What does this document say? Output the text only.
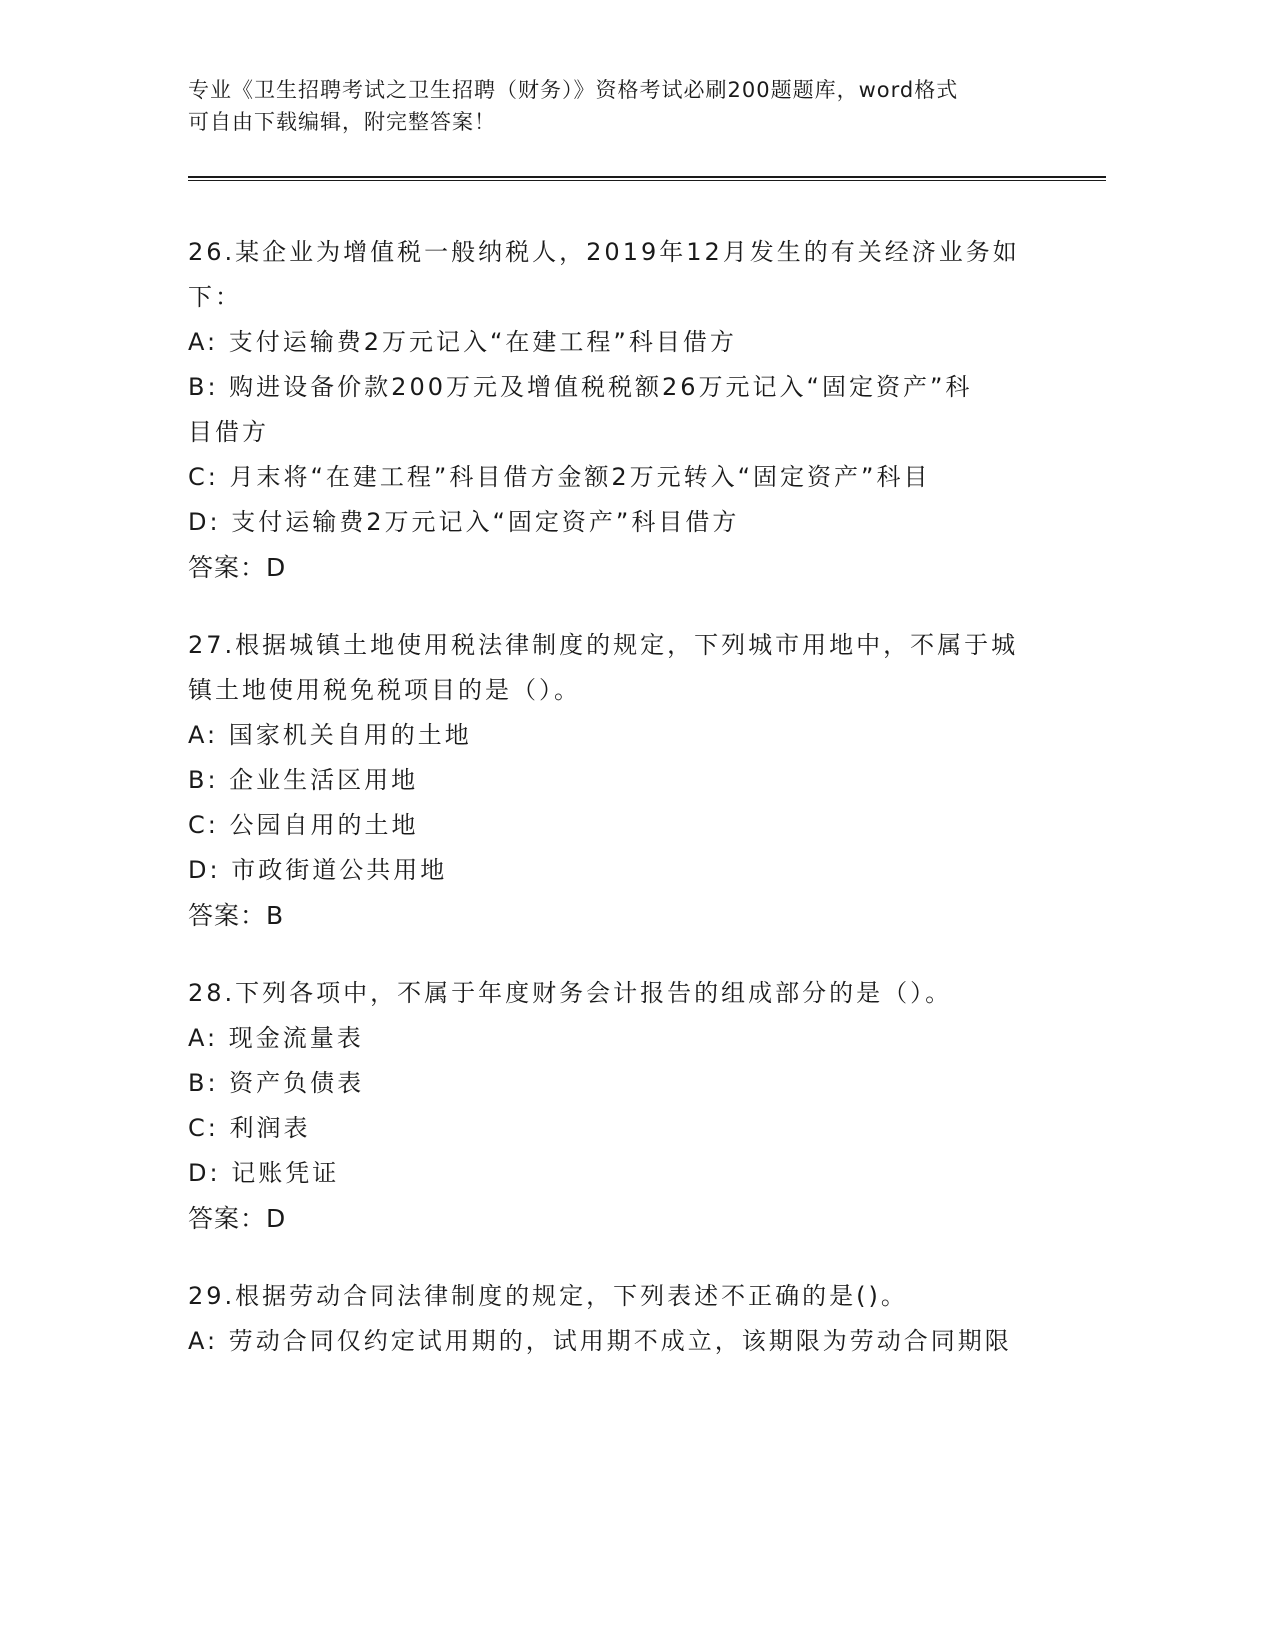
专业《卫生招聘考试之卫生招聘（财务）》资格考试必刷200题题库，word格式
可自由下载编辑，附完整答案！

26.某企业为增值税一般纳税人，2019年12月发生的有关经济业务如

下：

A: 支付运输费2万元记入“在建工程”科目借方

B: 购进设备价款200万元及增值税税额26万元记入“固定资产”科

目借方

C: 月末将“在建工程”科目借方金额2万元转入“固定资产”科目

D: 支付运输费2万元记入“固定资产”科目借方

答案：D

27.根据城镇土地使用税法律制度的规定，下列城市用地中，不属于城

镇土地使用税免税项目的是（）。

A: 国家机关自用的土地

B: 企业生活区用地

C: 公园自用的土地

D: 市政街道公共用地

答案：B

28.下列各项中，不属于年度财务会计报告的组成部分的是（）。

A: 现金流量表

B: 资产负债表

C: 利润表

D: 记账凭证

答案：D

29.根据劳动合同法律制度的规定，下列表述不正确的是()。

A: 劳动合同仅约定试用期的，试用期不成立，该期限为劳动合同期限
